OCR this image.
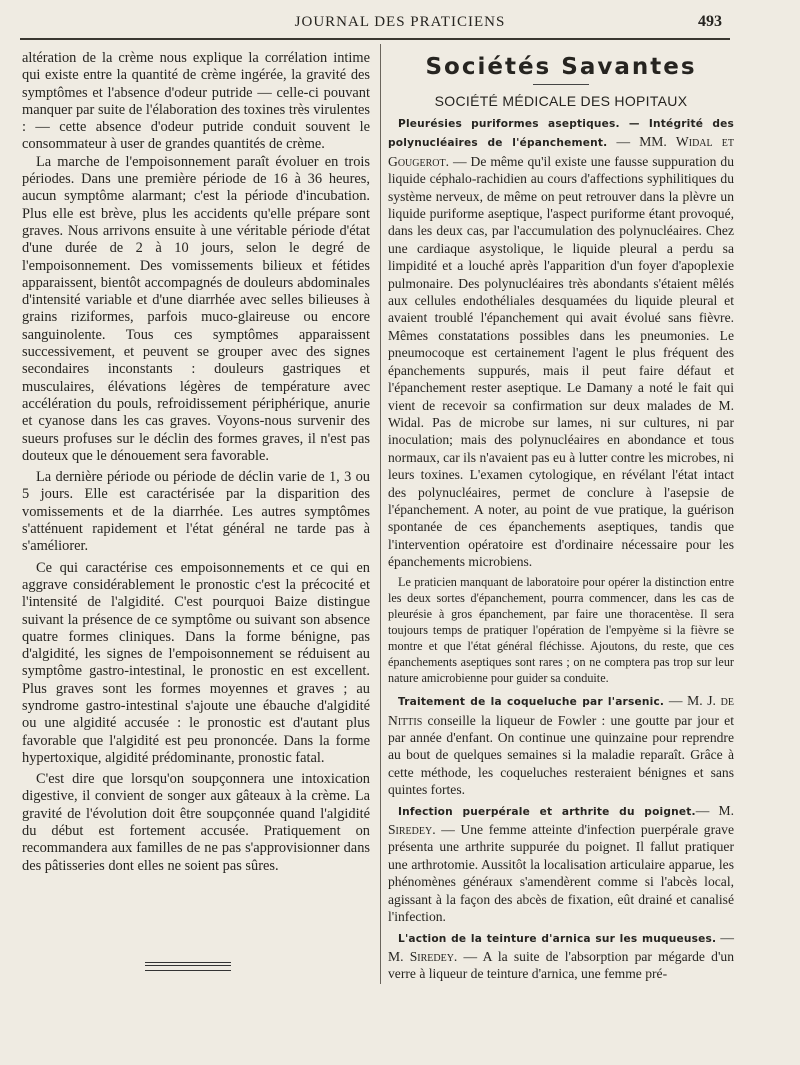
JOURNAL DES PRATICIENS	493

altération de la crème nous explique la corrélation intime qui existe entre la quantité de crème ingérée, la gravité des symptômes et l'absence d'odeur putride — celle-ci pouvant manquer par suite de l'élaboration des toxines très virulentes : — cette absence d'odeur putride conduit souvent le consommateur à user de grandes quantités de crème.

La marche de l'empoisonnement paraît évoluer en trois périodes. Dans une première période de 16 à 36 heures, aucun symptôme alarmant; c'est la période d'incubation. Plus elle est brève, plus les accidents qu'elle prépare sont graves. Nous arrivons ensuite à une véritable période d'état d'une durée de 2 à 10 jours, selon le degré de l'empoisonnement. Des vomissements bilieux et fétides apparaissent, bientôt accompagnés de douleurs abdominales d'intensité variable et d'une diarrhée avec selles bilieuses à grains riziformes, parfois muco-glaireuse ou encore sanguinolente. Tous ces symptômes apparaissent successivement, et peuvent se grouper avec des signes secondaires inconstants : douleurs gastriques et musculaires, élévations légères de température avec accélération du pouls, refroidissement périphérique, anurie et cyanose dans les cas graves. Voyons-nous survenir des sueurs profuses sur le déclin des formes graves, il n'est pas douteux que le dénouement sera favorable.

La dernière période ou période de déclin varie de 1, 3 ou 5 jours. Elle est caractérisée par la disparition des vomissements et de la diarrhée. Les autres symptômes s'atténuent rapidement et l'état général ne tarde pas à s'améliorer.

Ce qui caractérise ces empoisonnements et ce qui en aggrave considérablement le pronostic c'est la précocité et l'intensité de l'algidité. C'est pourquoi Baize distingue suivant la présence de ce symptôme ou suivant son absence quatre formes cliniques. Dans la forme bénigne, pas d'algidité, les signes de l'empoisonnement se réduisent au symptôme gastro-intestinal, le pronostic en est excellent. Plus graves sont les formes moyennes et graves ; au syndrome gastro-intestinal s'ajoute une ébauche d'algidité ou une algidité accusée : le pronostic est d'autant plus favorable que l'algidité est peu prononcée. Dans la forme hypertoxique, algidité prédominante, pronostic fatal.

C'est dire que lorsqu'on soupçonnera une intoxication digestive, il convient de songer aux gâteaux à la crème. La gravité de l'évolution doit être soupçonnée quand l'algidité du début est fortement accusée. Pratiquement on recommandera aux familles de ne pas s'approvisionner dans des pâtisseries dont elles ne soient pas sûres.

Sociétés Savantes
SOCIÉTÉ MÉDICALE DES HOPITAUX

Pleurésies puriformes aseptiques. — Intégrité des polynucléaires de l'épanchement. — MM. Widal et Gougerot. — De même qu'il existe une fausse suppuration du liquide céphalo-rachidien au cours d'affections syphilitiques du système nerveux, de même on peut retrouver dans la plèvre un liquide puriforme aseptique, l'aspect puriforme étant provoqué, dans les deux cas, par l'accumulation des polynucléaires. Chez une cardiaque asystolique, le liquide pleural a perdu sa limpidité et a louché après l'apparition d'un foyer d'apoplexie pulmonaire. Des polynucléaires très abondants s'étaient mêlés aux cellules endothéliales desquamées du liquide pleural et avaient troublé l'épanchement qui avait évolué sans fièvre. Mêmes constatations possibles dans les pneumonies. Le pneumocoque est certainement l'agent le plus fréquent des épanchements suppurés, mais il peut faire défaut et l'épanchement rester aseptique. Le Damany a noté le fait qui vient de recevoir sa confirmation sur deux malades de M. Widal. Pas de microbe sur lames, ni sur cultures, ni par inoculation; mais des polynucléaires en abondance et tous normaux, car ils n'avaient pas eu à lutter contre les microbes, ni leurs toxines. L'examen cytologique, en révélant l'état intact des polynucléaires, permet de conclure à l'asepsie de l'épanchement. A noter, au point de vue pratique, la guérison spontanée de ces épanchements aseptiques, tandis que l'intervention opératoire est d'ordinaire nécessaire pour les épanchements microbiens.

Le praticien manquant de laboratoire pour opérer la distinction entre les deux sortes d'épanchement, pourra commencer, dans les cas de pleurésie à gros épanchement, par faire une thoracentèse. Il sera toujours temps de pratiquer l'opération de l'empyème si la fièvre se montre et que l'état général fléchisse. Ajoutons, du reste, que ces épanchements aseptiques sont rares ; on ne comptera pas trop sur leur nature amicrobienne pour guider sa conduite.

Traitement de la coqueluche par l'arsenic. — M. J. de Nittis conseille la liqueur de Fowler : une goutte par jour et par année d'enfant. On continue une quinzaine pour reprendre au bout de quelques semaines si la maladie reparaît. Grâce à cette méthode, les coqueluches resteraient bénignes et sans quintes fortes.

Infection puerpérale et arthrite du poignet.— M. Siredey. — Une femme atteinte d'infection puerpérale grave présenta une arthrite suppurée du poignet. Il fallut pratiquer une arthrotomie. Aussitôt la localisation articulaire apparue, les phénomènes généraux s'amendèrent comme si l'abcès local, agissant à la façon des abcès de fixation, eût drainé et canalisé l'infection.

L'action de la teinture d'arnica sur les muqueuses. — M. Siredey. — A la suite de l'absorption par mégarde d'un verre à liqueur de teinture d'arnica, une femme pré-
